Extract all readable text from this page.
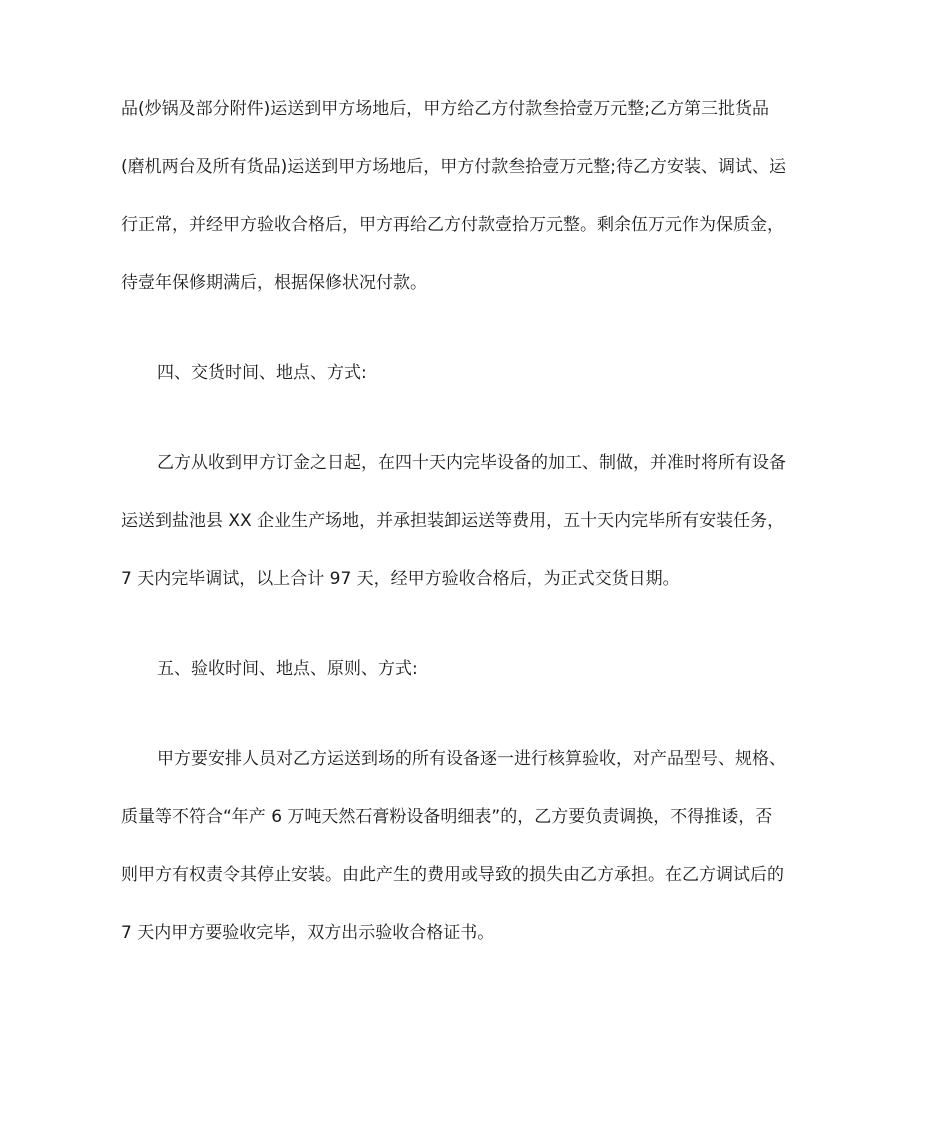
品(炒锅及部分附件)运送到甲方场地后，甲方给乙方付款叁拾壹万元整;乙方第三批货品

(磨机两台及所有货品)运送到甲方场地后，甲方付款叁拾壹万元整;待乙方安装、调试、运

行正常，并经甲方验收合格后，甲方再给乙方付款壹拾万元整。剩余伍万元作为保质金，

待壹年保修期满后，根据保修状况付款。

四、交货时间、地点、方式:

乙方从收到甲方订金之日起，在四十天内完毕设备的加工、制做，并准时将所有设备

运送到盐池县 XX 企业生产场地，并承担装卸运送等费用，五十天内完毕所有安装任务，

7 天内完毕调试，以上合计 97 天，经甲方验收合格后，为正式交货日期。

五、验收时间、地点、原则、方式:

甲方要安排人员对乙方运送到场的所有设备逐一进行核算验收，对产品型号、规格、

质量等不符合“年产 6 万吨天然石膏粉设备明细表”的，乙方要负责调换，不得推诿，否

则甲方有权责令其停止安装。由此产生的费用或导致的损失由乙方承担。在乙方调试后的

7 天内甲方要验收完毕，双方出示验收合格证书。
